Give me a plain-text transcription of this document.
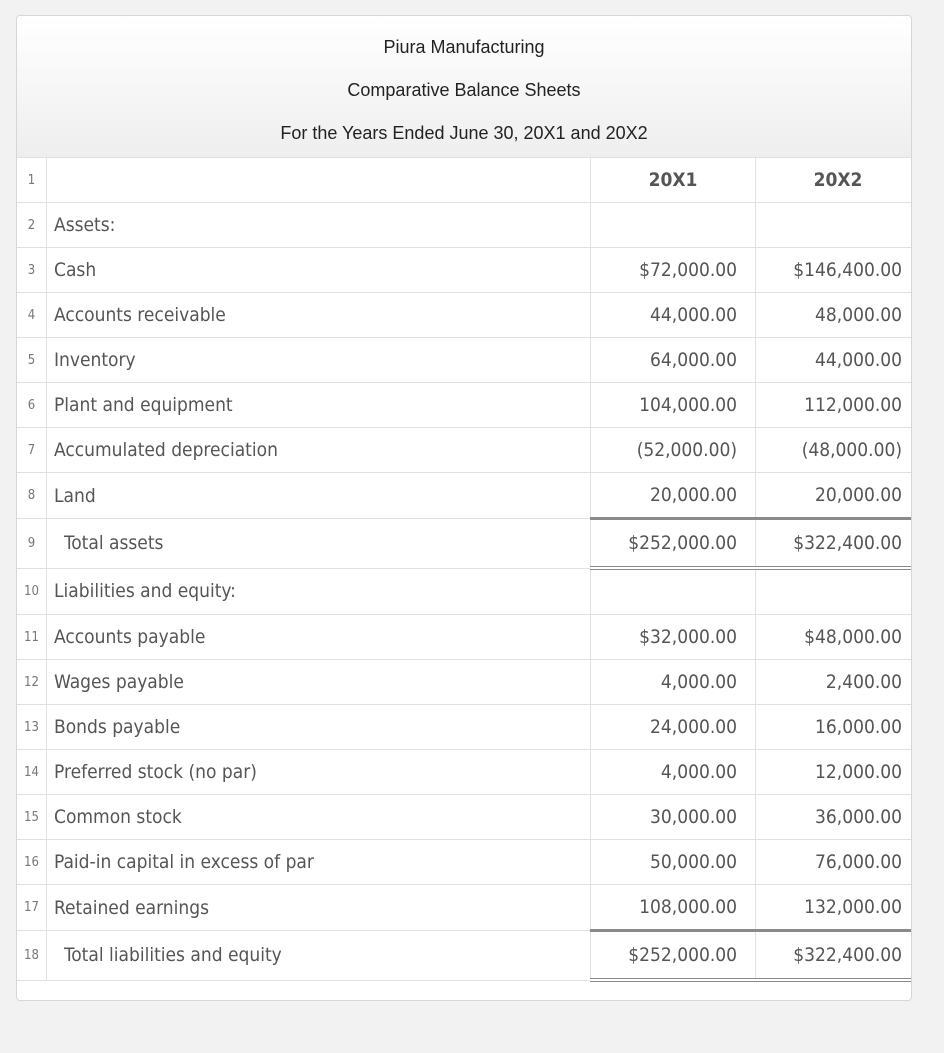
Piura Manufacturing
Comparative Balance Sheets
For the Years Ended June 30, 20X1 and 20X2
1		20X1	20X2
2	Assets:		
3	Cash	$72,000.00	$146,400.00
4	Accounts receivable	44,000.00	48,000.00
5	Inventory	64,000.00	44,000.00
6	Plant and equipment	104,000.00	112,000.00
7	Accumulated depreciation	(52,000.00)	(48,000.00)
8	Land	20,000.00	20,000.00
9	Total assets	$252,000.00	$322,400.00
10	Liabilities and equity:		
11	Accounts payable	$32,000.00	$48,000.00
12	Wages payable	4,000.00	2,400.00
13	Bonds payable	24,000.00	16,000.00
14	Preferred stock (no par)	4,000.00	12,000.00
15	Common stock	30,000.00	36,000.00
16	Paid-in capital in excess of par	50,000.00	76,000.00
17	Retained earnings	108,000.00	132,000.00
18	Total liabilities and equity	$252,000.00	$322,400.00
